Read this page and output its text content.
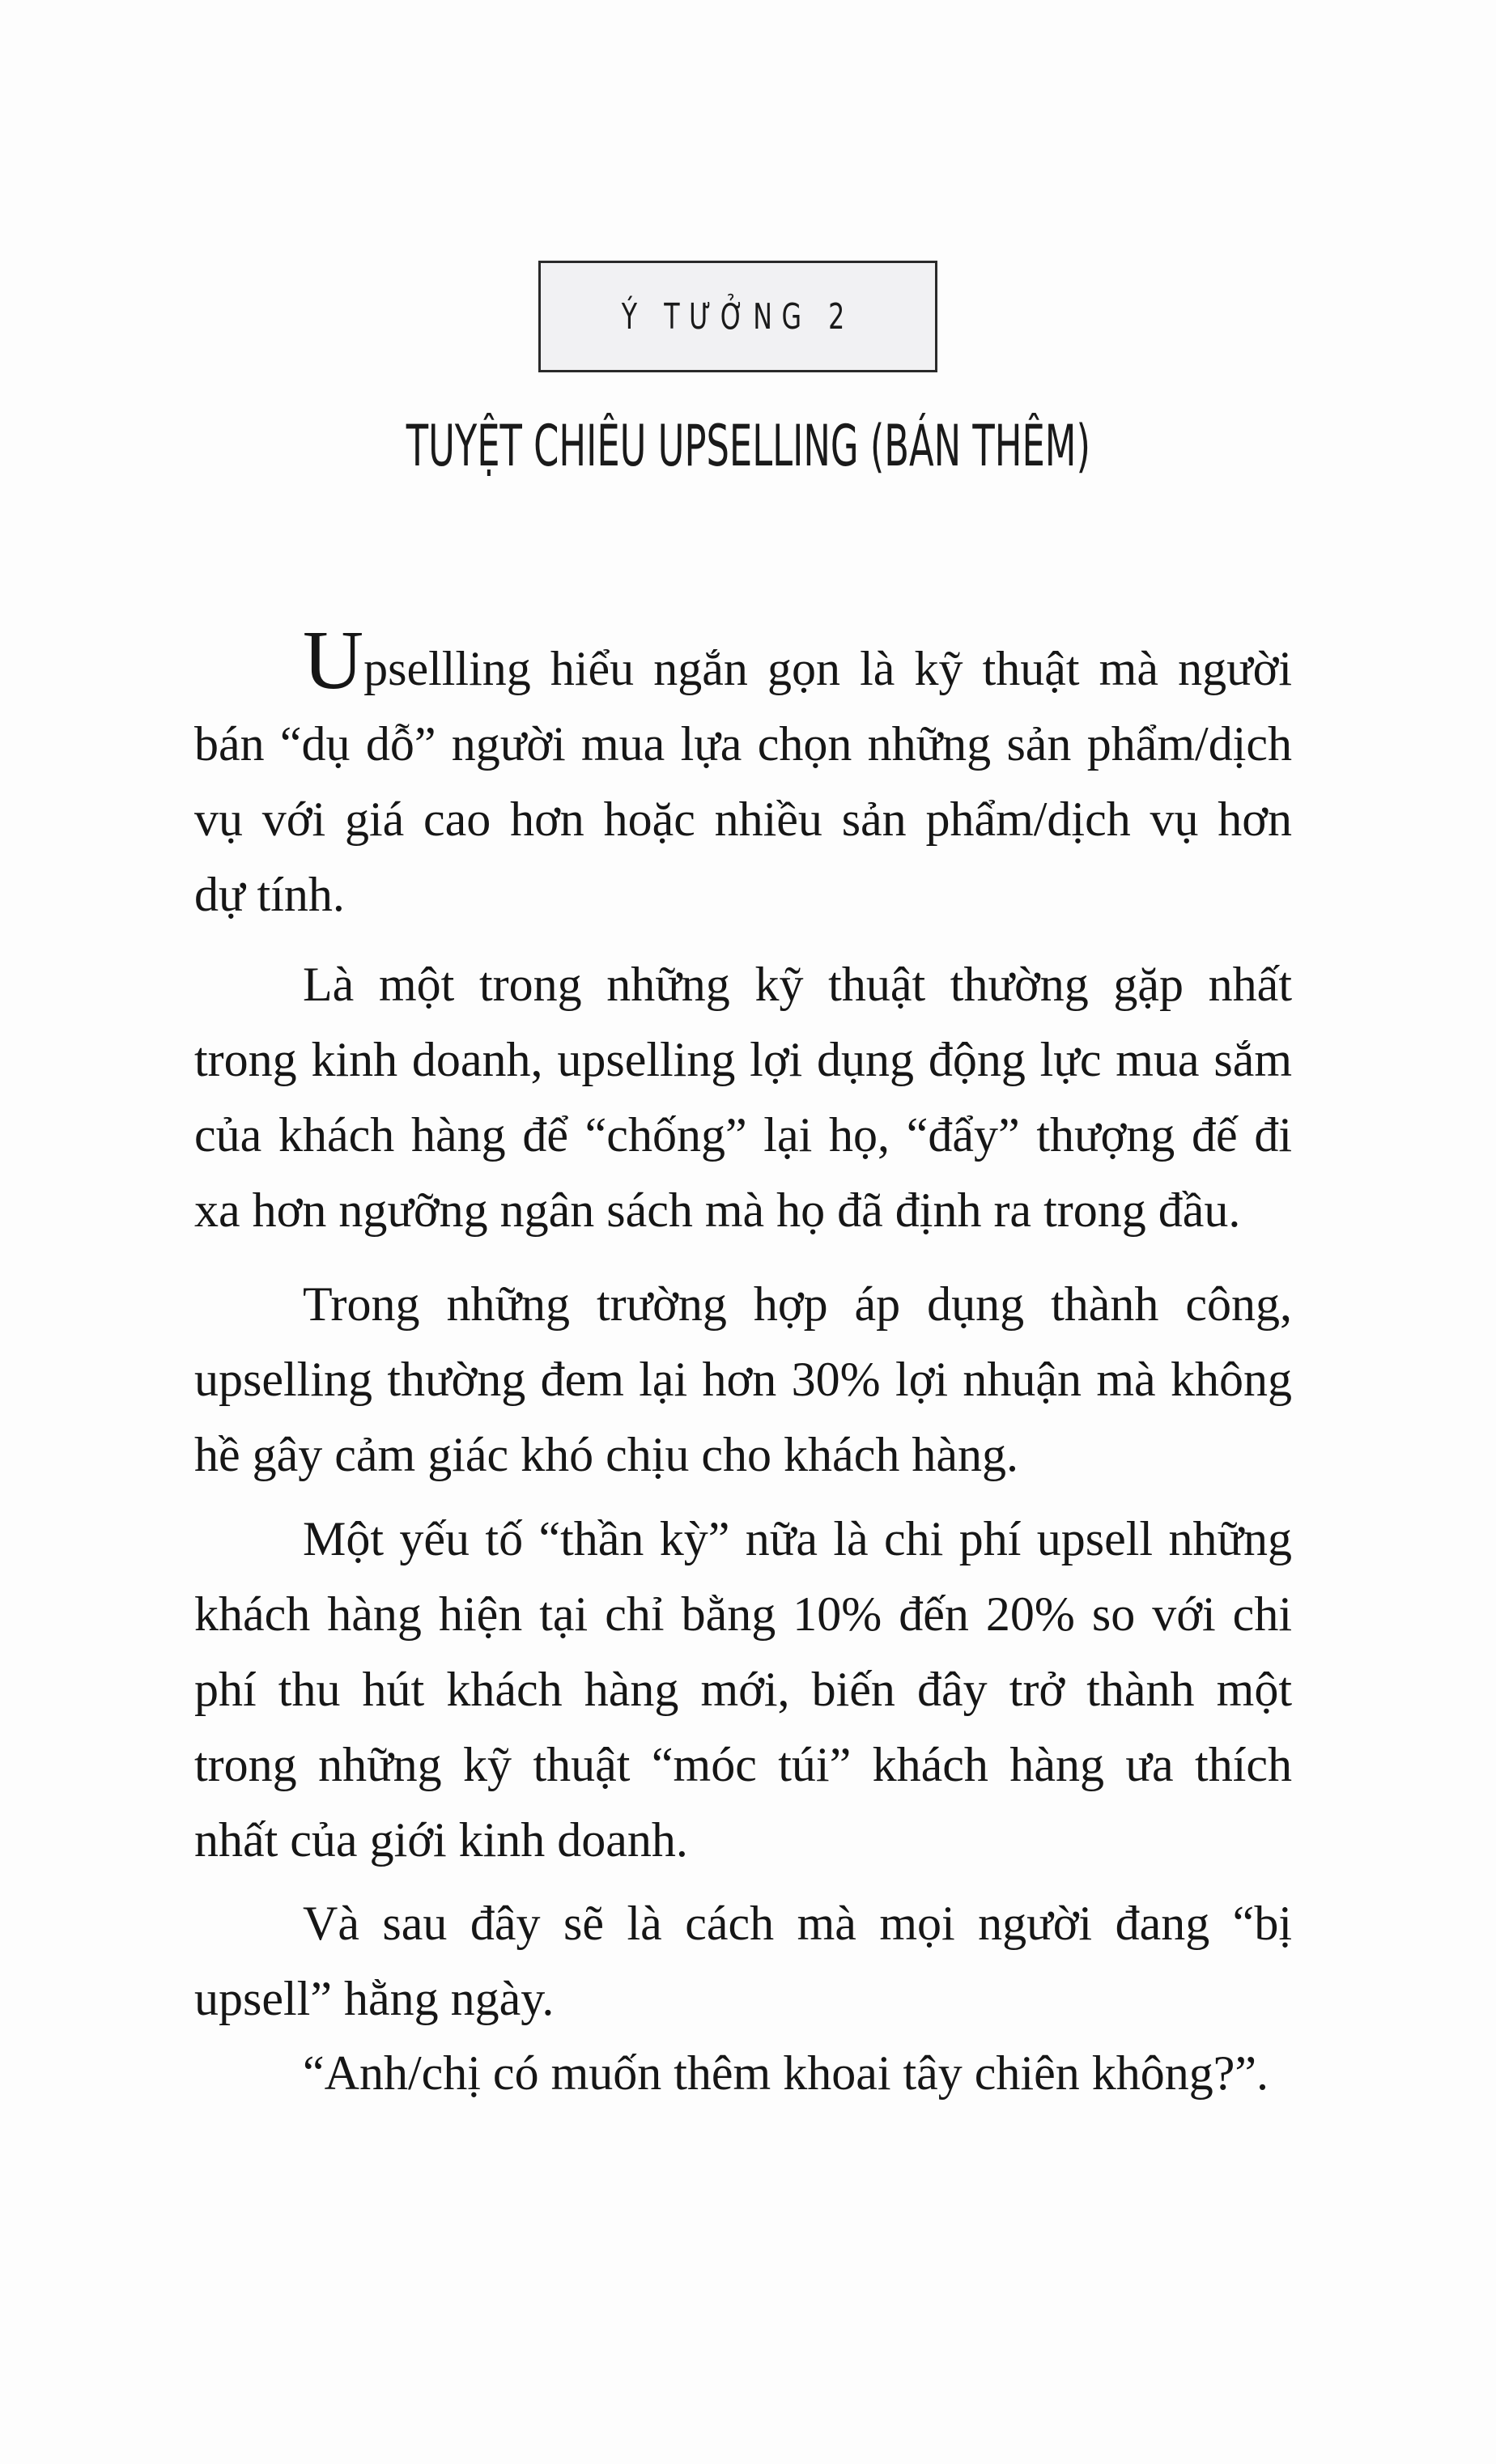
Ý TƯỞNG 2
TUYỆT CHIÊU UPSELLING (BÁN THÊM)
Upsellling hiểu ngắn gọn là kỹ thuật mà người
bán “dụ dỗ” người mua lựa chọn những sản phẩm/dịch
vụ với giá cao hơn hoặc nhiều sản phẩm/dịch vụ hơn
dự tính.
Là một trong những kỹ thuật thường gặp nhất
trong kinh doanh, upselling lợi dụng động lực mua sắm
của khách hàng để “chống” lại họ, “đẩy” thượng đế đi
xa hơn ngưỡng ngân sách mà họ đã định ra trong đầu.
Trong những trường hợp áp dụng thành công,
upselling thường đem lại hơn 30% lợi nhuận mà không
hề gây cảm giác khó chịu cho khách hàng.
Một yếu tố “thần kỳ” nữa là chi phí upsell những
khách hàng hiện tại chỉ bằng 10% đến 20% so với chi
phí thu hút khách hàng mới, biến đây trở thành một
trong những kỹ thuật “móc túi” khách hàng ưa thích
nhất của giới kinh doanh.
Và sau đây sẽ là cách mà mọi người đang “bị
upsell” hằng ngày.
“Anh/chị có muốn thêm khoai tây chiên không?”.
